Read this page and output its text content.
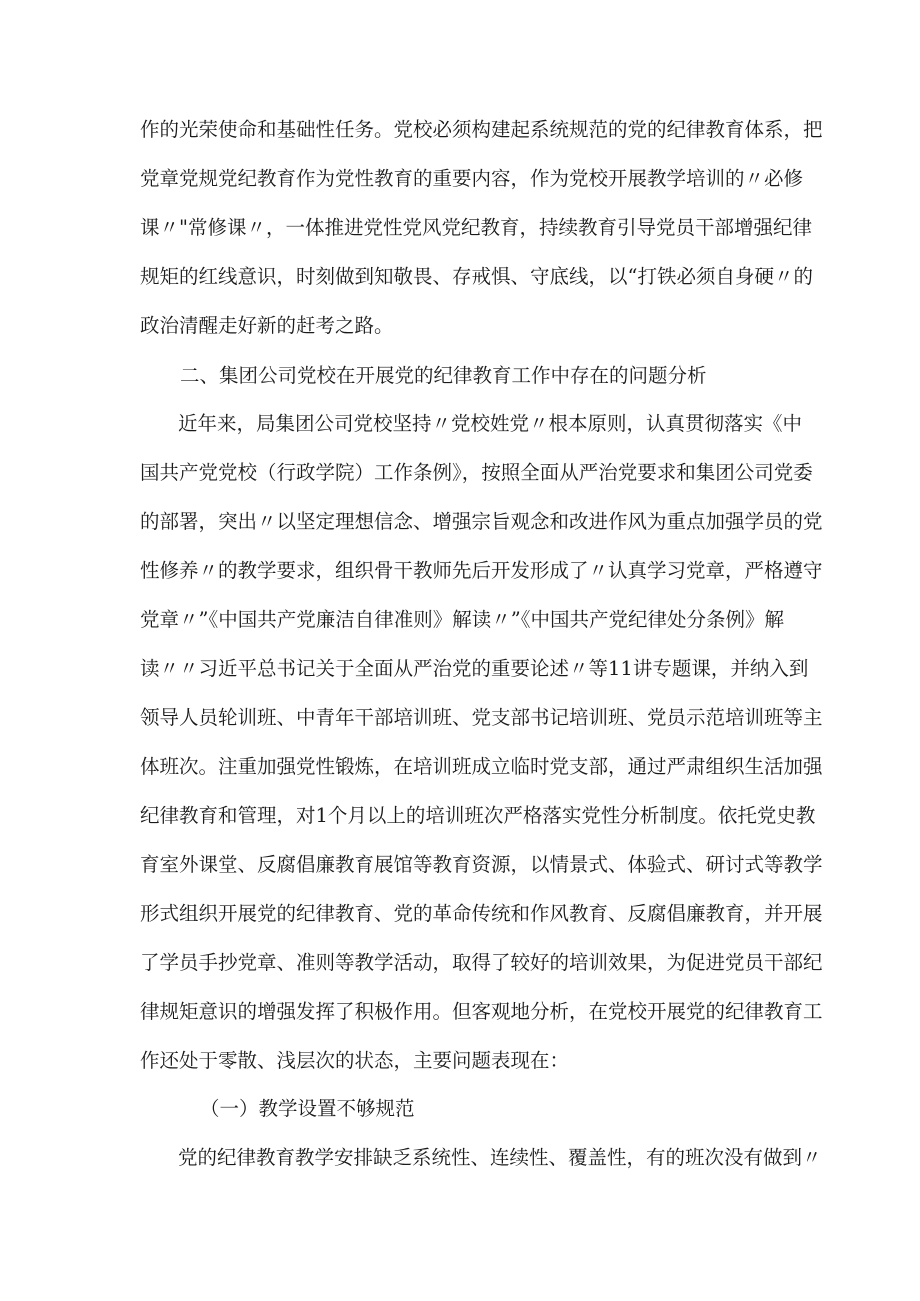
作的光荣使命和基础性任务。党校必须构建起系统规范的党的纪律教育体系，把
党章党规党纪教育作为党性教育的重要内容，作为党校开展教学培训的〃必修
课〃"常修课〃，一体推进党性党风党纪教育，持续教育引导党员干部增强纪律
规矩的红线意识，时刻做到知敬畏、存戒惧、守底线，以“打铁必须自身硬〃的
政治清醒走好新的赶考之路。
二、集团公司党校在开展党的纪律教育工作中存在的问题分析
近年来，局集团公司党校坚持〃党校姓党〃根本原则，认真贯彻落实《中
国共产党党校（行政学院）工作条例》，按照全面从严治党要求和集团公司党委
的部署，突出〃以坚定理想信念、增强宗旨观念和改进作风为重点加强学员的党
性修养〃的教学要求，组织骨干教师先后开发形成了〃认真学习党章，严格遵守
党章〃”《中国共产党廉洁自律准则》解读〃”《中国共产党纪律处分条例》解
读〃〃习近平总书记关于全面从严治党的重要论述〃等11讲专题课，并纳入到
领导人员轮训班、中青年干部培训班、党支部书记培训班、党员示范培训班等主
体班次。注重加强党性锻炼，在培训班成立临时党支部，通过严肃组织生活加强
纪律教育和管理，对1个月以上的培训班次严格落实党性分析制度。依托党史教
育室外课堂、反腐倡廉教育展馆等教育资源，以情景式、体验式、研讨式等教学
形式组织开展党的纪律教育、党的革命传统和作风教育、反腐倡廉教育，并开展
了学员手抄党章、准则等教学活动，取得了较好的培训效果，为促进党员干部纪
律规矩意识的增强发挥了积极作用。但客观地分析，在党校开展党的纪律教育工
作还处于零散、浅层次的状态，主要问题表现在：
（一）教学设置不够规范
党的纪律教育教学安排缺乏系统性、连续性、覆盖性，有的班次没有做到〃
